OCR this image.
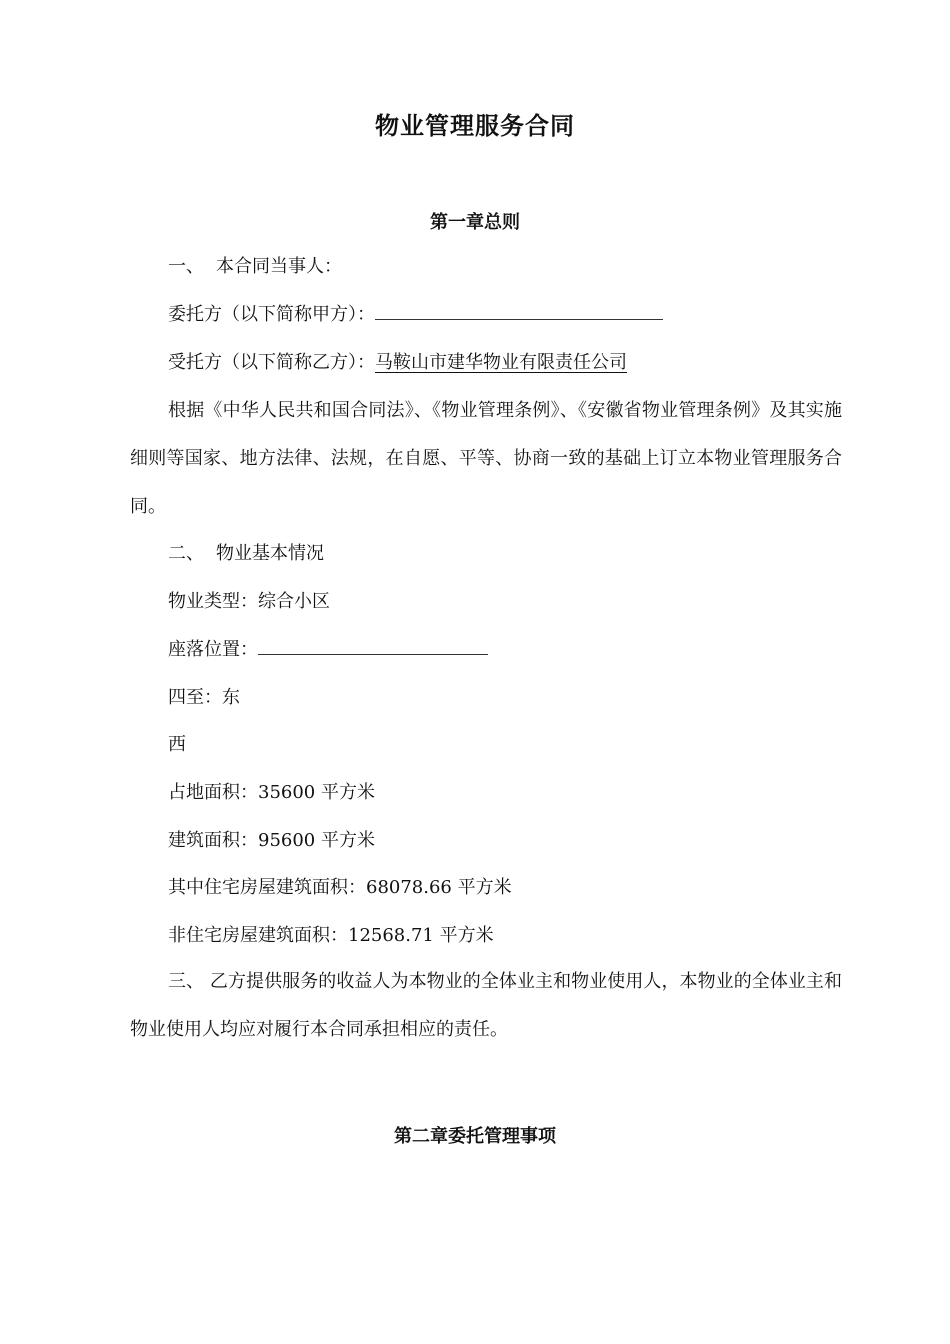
物业管理服务合同
第一章总则
一、 本合同当事人：
委托方（以下简称甲方）：
受托方（以下简称乙方）：马鞍山市建华物业有限责任公司
根据《中华人民共和国合同法》、《物业管理条例》、《安徽省物业管理条例》及其实施细则等国家、地方法律、法规，在自愿、平等、协商一致的基础上订立本物业管理服务合同。
二、 物业基本情况
物业类型：综合小区
座落位置：
四至：东
西
占地面积：35600 平方米
建筑面积：95600 平方米
其中住宅房屋建筑面积：68078.66 平方米
非住宅房屋建筑面积：12568.71 平方米
三、 乙方提供服务的收益人为本物业的全体业主和物业使用人，本物业的全体业主和物业使用人均应对履行本合同承担相应的责任。
第二章委托管理事项
